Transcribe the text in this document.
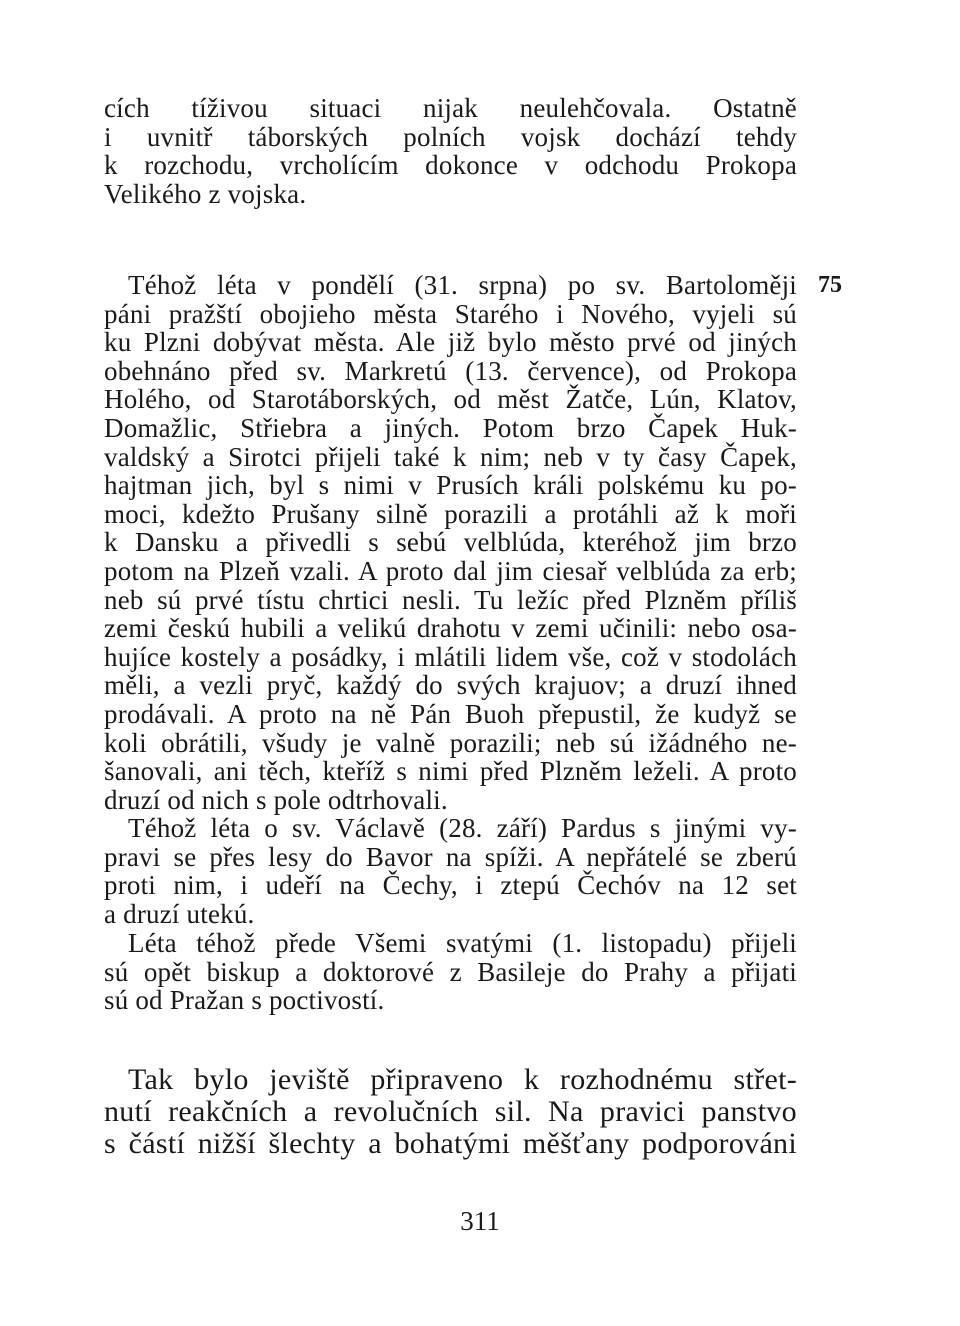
cích tíživou situaci nijak neulehčovala. Ostatně
i uvnitř táborských polních vojsk dochází tehdy
k rozchodu, vrcholícím dokonce v odchodu Prokopa
Velikého z vojska.
Téhož léta v pondělí (31. srpna) po sv. Bartoloměji
páni pražští obojieho města Starého i Nového, vyjeli sú
ku Plzni dobývat města. Ale již bylo město prvé od jiných
obehnáno před sv. Markretú (13. července), od Prokopa
Holého, od Starotáborských, od měst Žatče, Lún, Klatov,
Domažlic, Střiebra a jiných. Potom brzo Čapek Huk-
valdský a Sirotci přijeli také k nim; neb v ty časy Čapek,
hajtman jich, byl s nimi v Prusích králi polskému ku po-
moci, kdežto Prušany silně porazili a protáhli až k moři
k Dansku a přivedli s sebú velblúda, kteréhož jim brzo
potom na Plzeň vzali. A proto dal jim ciesař velblúda za erb;
neb sú prvé tístu chrtici nesli. Tu ležíc před Plzněm příliš
zemi českú hubili a velikú drahotu v zemi učinili: nebo osa-
hujíce kostely a posádky, i mlátili lidem vše, což v stodolách
měli, a vezli pryč, každý do svých krajuov; a druzí ihned
prodávali. A proto na ně Pán Buoh přepustil, že kudyž se
koli obrátili, všudy je valně porazili; neb sú ižádného ne-
šanovali, ani těch, kteříž s nimi před Plzněm leželi. A proto
druzí od nich s pole odtrhovali.
Téhož léta o sv. Václavě (28. září) Pardus s jinými vy-
pravi se přes lesy do Bavor na spíži. A nepřátelé se zberú
proti nim, i udeří na Čechy, i ztepú Čechóv na 12 set
a druzí utekú.
Léta téhož přede Všemi svatými (1. listopadu) přijeli
sú opět biskup a doktorové z Basileje do Prahy a přijati
sú od Pražan s poctivostí.
Tak bylo jeviště připraveno k rozhodnému střet-
nutí reakčních a revolučních sil. Na pravici panstvo
s částí nižší šlechty a bohatými měšťany podporováni
75
311
